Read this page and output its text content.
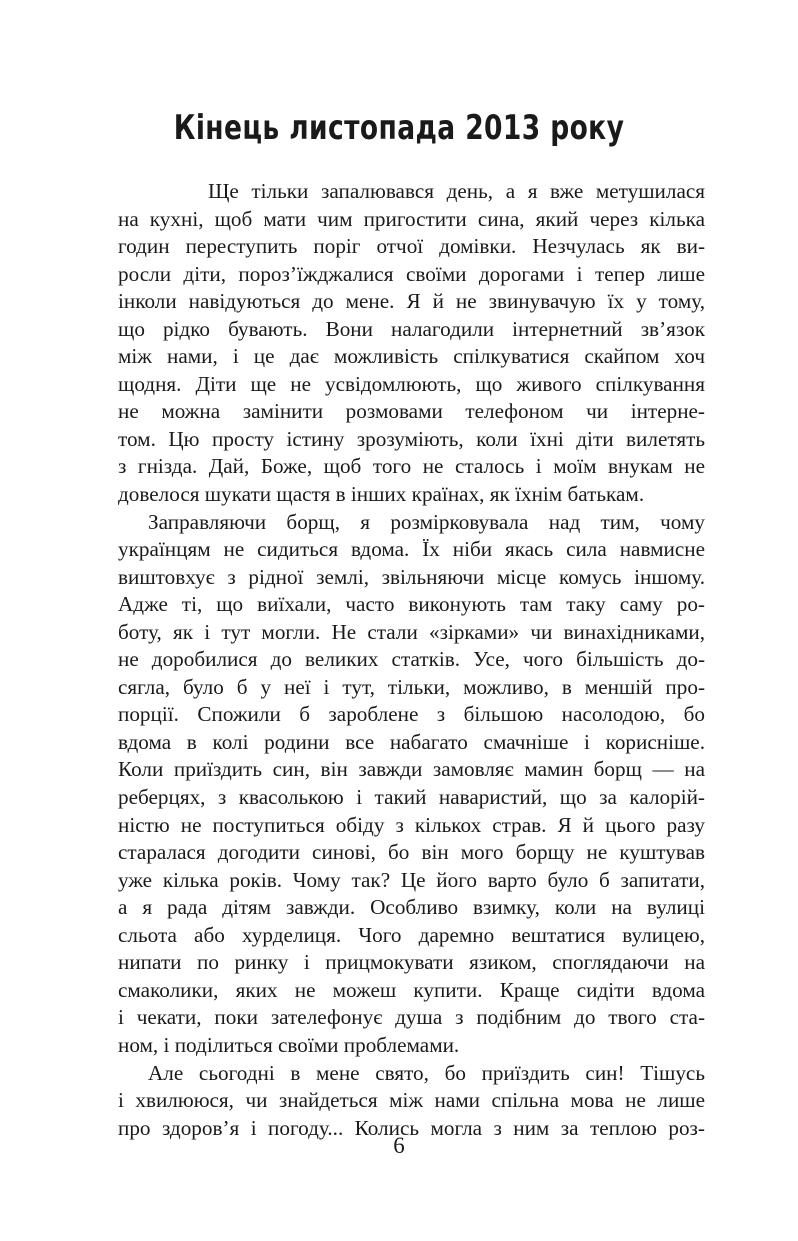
Кінець листопада 2013 року
Ще тільки запалювався день, а я вже метушилася
на кухні, щоб мати чим пригостити сина, який через кілька
годин переступить поріг отчої домівки. Незчулась як ви-
росли діти, пороз’їжджалися своїми дорогами і тепер лише
інколи навідуються до мене. Я й не звинувачую їх у тому,
що рідко бувають. Вони налагодили інтернетний зв’язок
між нами, і це дає можливість спілкуватися скайпом хоч
щодня. Діти ще не усвідомлюють, що живого спілкування
не можна замінити розмовами телефоном чи інтерне-
том. Цю просту істину зрозуміють, коли їхні діти вилетять
з гнізда. Дай, Боже, щоб того не сталось і моїм внукам не
довелося шукати щастя в інших країнах, як їхнім батькам.
Заправляючи борщ, я розмірковувала над тим, чому
українцям не сидиться вдома. Їх ніби якась сила навмисне
виштовхує з рідної землі, звільняючи місце комусь іншому.
Адже ті, що виїхали, часто виконують там таку саму ро-
боту, як і тут могли. Не стали «зірками» чи винахідниками,
не доробилися до великих статків. Усе, чого більшість до-
сягла, було б у неї і тут, тільки, можливо, в меншій про-
порції. Спожили б зароблене з більшою насолодою, бо
вдома в колі родини все набагато смачніше і корисніше.
Коли приїздить син, він завжди замовляє мамин борщ — на
реберцях, з квасолькою і такий наваристий, що за калорій-
ністю не поступиться обіду з кількох страв. Я й цього разу
старалася догодити синові, бо він мого борщу не куштував
уже кілька років. Чому так? Це його варто було б запитати,
а я рада дітям завжди. Особливо взимку, коли на вулиці
сльота або хурделиця. Чого даремно вештатися вулицею,
нипати по ринку і прицмокувати язиком, споглядаючи на
смаколики, яких не можеш купити. Краще сидіти вдома
і чекати, поки зателефонує душа з подібним до твого ста-
ном, і поділиться своїми проблемами.
Але сьогодні в мене свято, бо приїздить син! Тішусь
і хвилююся, чи знайдеться між нами спільна мова не лише
про здоров’я і погоду... Колись могла з ним за теплою роз-
6
